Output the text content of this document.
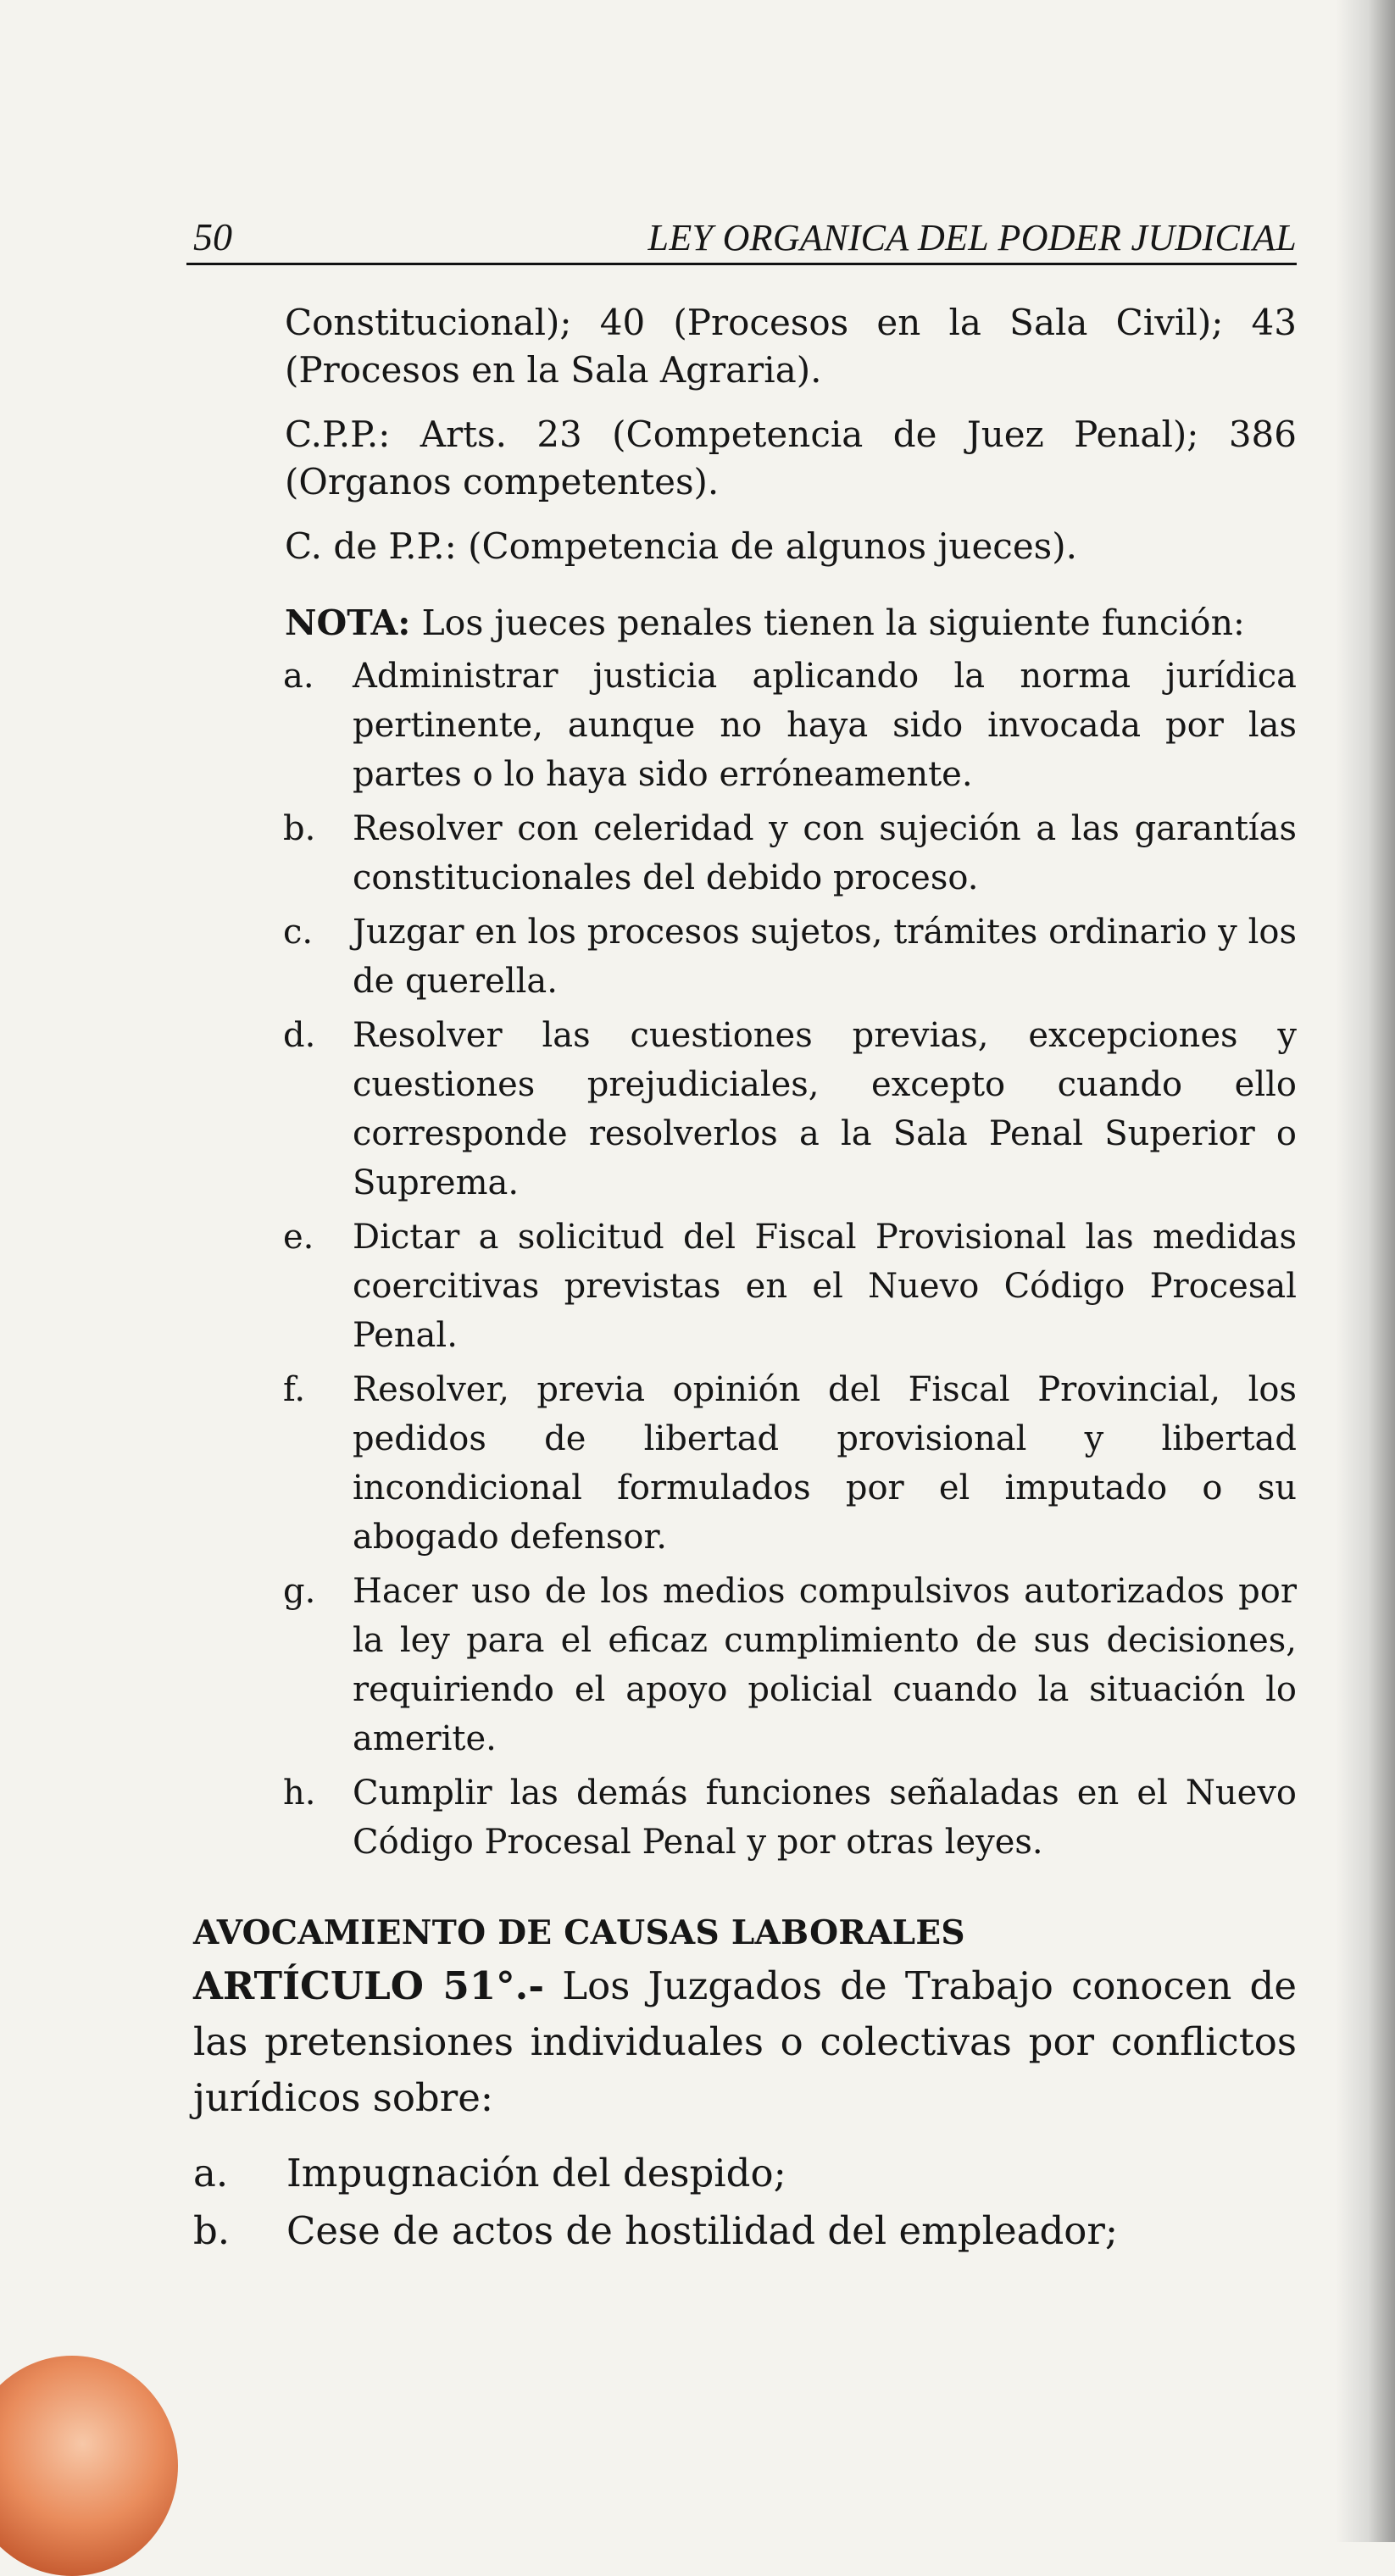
50	LEY ORGANICA DEL PODER JUDICIAL

Constitucional); 40 (Procesos en la Sala Civil); 43 (Procesos en la Sala Agraria).

C.P.P.: Arts. 23 (Competencia de Juez Penal); 386 (Organos competentes).

C. de P.P.: (Competencia de algunos jueces).

NOTA: Los jueces penales tienen la siguiente función:

a.	Administrar justicia aplicando la norma jurídica pertinente, aunque no haya sido invocada por las partes o lo haya sido erróneamente.
b.	Resolver con celeridad y con sujeción a las garantías constitucionales del debido proceso.
c.	Juzgar en los procesos sujetos, trámites ordinario y los de querella.
d.	Resolver las cuestiones previas, excepciones y cuestiones prejudiciales, excepto cuando ello corresponde resolverlos a la Sala Penal Superior o Suprema.
e.	Dictar a solicitud del Fiscal Provisional las medidas coercitivas previstas en el Nuevo Código Procesal Penal.
f.	Resolver, previa opinión del Fiscal Provincial, los pedidos de libertad provisional y libertad incondicional formulados por el imputado o su abogado defensor.
g.	Hacer uso de los medios compulsivos autorizados por la ley para el eficaz cumplimiento de sus decisiones, requiriendo el apoyo policial cuando la situación lo amerite.
h.	Cumplir las demás funciones señaladas en el Nuevo Código Procesal Penal y por otras leyes.
AVOCAMIENTO DE CAUSAS LABORALES

ARTÍCULO 51°.- Los Juzgados de Trabajo conocen de las pretensiones individuales o colectivas por conflictos jurídicos sobre:

a. Impugnación del despido;
b. Cese de actos de hostilidad del empleador;
